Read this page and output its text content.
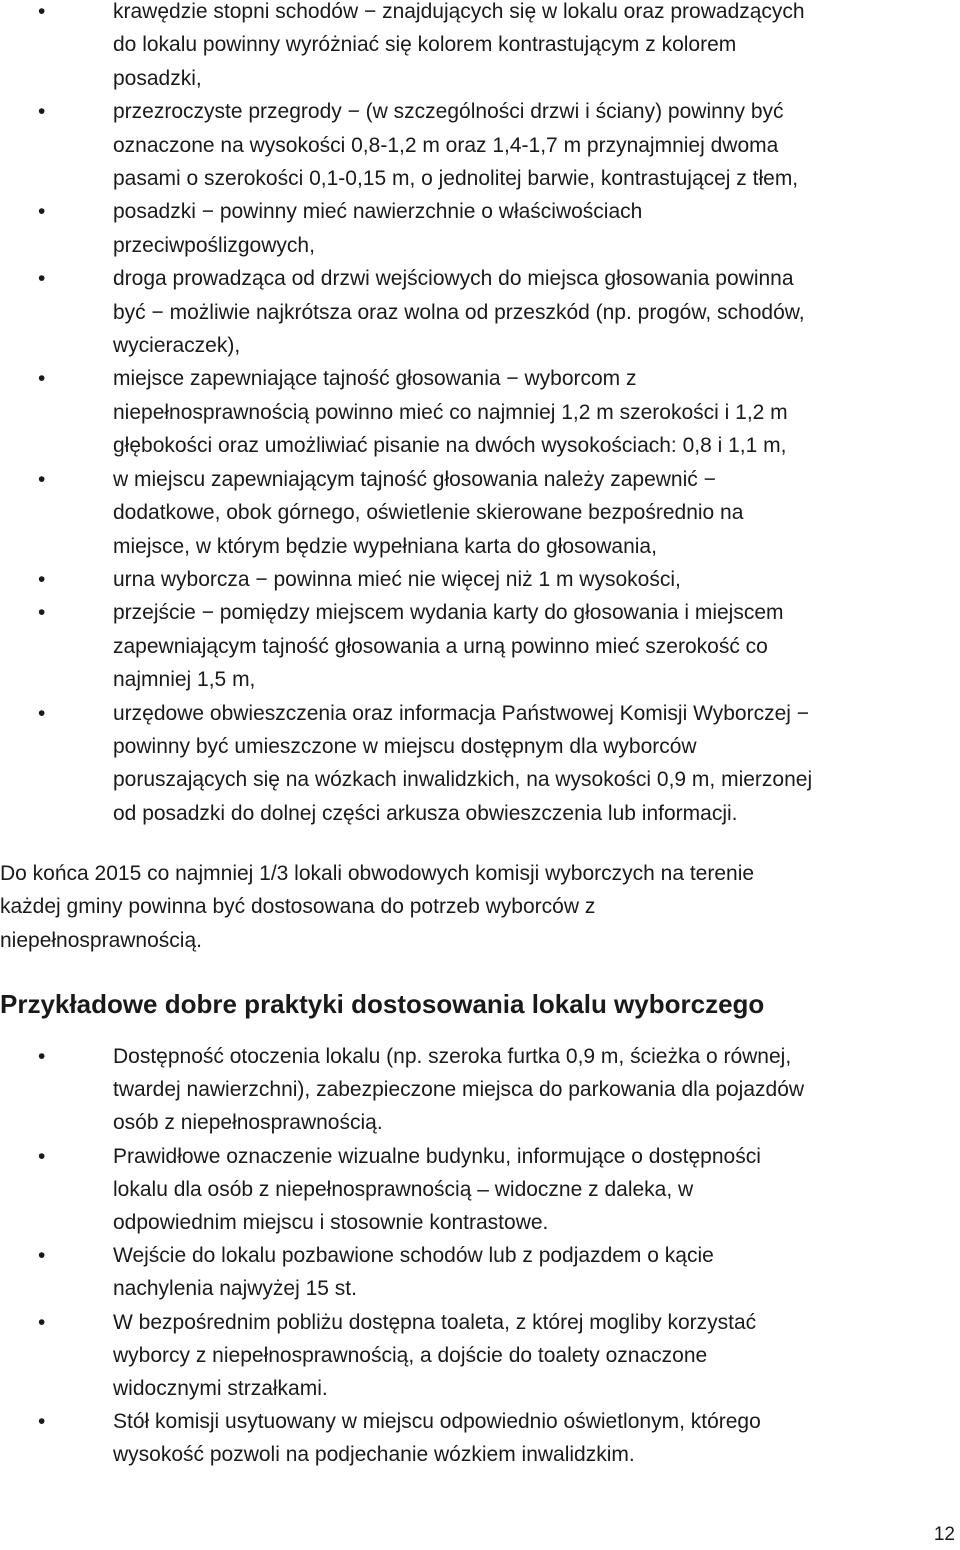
•	krawędzie stopni schodów − znajdujących się w lokalu oraz prowadzących
do lokalu powinny wyróżniać się kolorem kontrastującym z kolorem
posadzki,
•	przezroczyste przegrody − (w szczególności drzwi i ściany) powinny być
oznaczone na wysokości 0,8-1,2 m oraz 1,4-1,7 m przynajmniej dwoma
pasami o szerokości 0,1-0,15 m, o jednolitej barwie, kontrastującej z tłem,
•	posadzki − powinny mieć nawierzchnie o właściwościach
przeciwpoślizgowych,
•	droga prowadząca od drzwi wejściowych do miejsca głosowania powinna
być − możliwie najkrótsza oraz wolna od przeszkód (np. progów, schodów,
wycieraczek),
•	miejsce zapewniające tajność głosowania − wyborcom z
niepełnosprawnością powinno mieć co najmniej 1,2 m szerokości i 1,2 m
głębokości oraz umożliwiać pisanie na dwóch wysokościach: 0,8 i 1,1 m,
•	w miejscu zapewniającym tajność głosowania należy zapewnić −
dodatkowe, obok górnego, oświetlenie skierowane bezpośrednio na
miejsce, w którym będzie wypełniana karta do głosowania,
•	urna wyborcza − powinna mieć nie więcej niż 1 m wysokości,
•	przejście − pomiędzy miejscem wydania karty do głosowania i miejscem
zapewniającym tajność głosowania a urną powinno mieć szerokość co
najmniej 1,5 m,
•	urzędowe obwieszczenia oraz informacja Państwowej Komisji Wyborczej −
powinny być umieszczone w miejscu dostępnym dla wyborców
poruszających się na wózkach inwalidzkich, na wysokości 0,9 m, mierzonej
od posadzki do dolnej części arkusza obwieszczenia lub informacji.
Do końca 2015 co najmniej 1/3 lokali obwodowych komisji wyborczych na terenie
każdej gminy powinna być dostosowana do potrzeb wyborców z
niepełnosprawnością.
Przykładowe dobre praktyki dostosowania lokalu wyborczego
•	Dostępność otoczenia lokalu (np. szeroka furtka 0,9 m, ścieżka o równej,
twardej nawierzchni), zabezpieczone miejsca do parkowania dla pojazdów
osób z niepełnosprawnością.
•	Prawidłowe oznaczenie wizualne budynku, informujące o dostępności
lokalu dla osób z niepełnosprawnością – widoczne z daleka, w
odpowiednim miejscu i stosownie kontrastowe.
•	Wejście do lokalu pozbawione schodów lub z podjazdem o kącie
nachylenia najwyżej 15 st.
•	W bezpośrednim pobliżu dostępna toaleta, z której mogliby korzystać
wyborcy z niepełnosprawnością, a dojście do toalety oznaczone
widocznymi strzałkami.
•	Stół komisji usytuowany w miejscu odpowiednio oświetlonym, którego
wysokość pozwoli na podjechanie wózkiem inwalidzkim.
12
